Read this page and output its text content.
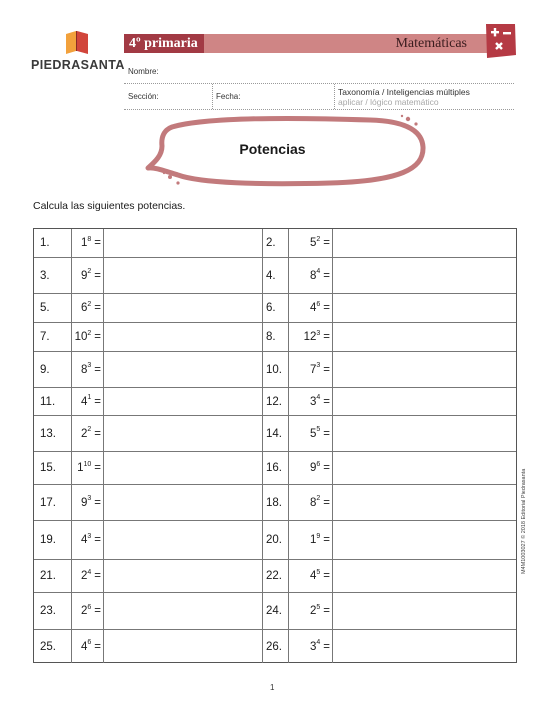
PIEDRASANTA
4º primaria	Matemáticas
Nombre:
Sección:	Fecha:	Taxonomía / Inteligencias múltiples
aplicar / lógico matemático
Potencias
Calcula las siguientes potencias.
1.	$1^8$ =	2.	$5^2$ =
3.	$9^2$ =	4.	$8^4$ =
5.	$6^2$ =	6.	$4^6$ =
7. $10^2$ =	8. $12^3$ =
9.	$8^3$ =	10. $7^3$ =
11. $4^1$ =	12. $3^4$ =
13. $2^2$ =	14. $5^5$ =
15. $1^{10}$ =	16. $9^6$ =
17. $9^3$ =	18. $8^2$ =
19. $4^3$ =	20. $1^9$ =
21. $2^4$ =	22. $4^5$ =
23. $2^6$ =	24. $2^5$ =
25. $4^6$ =	26. $3^4$ =
1
M4M1003027 © 2018 Editorial Piedrasanta
